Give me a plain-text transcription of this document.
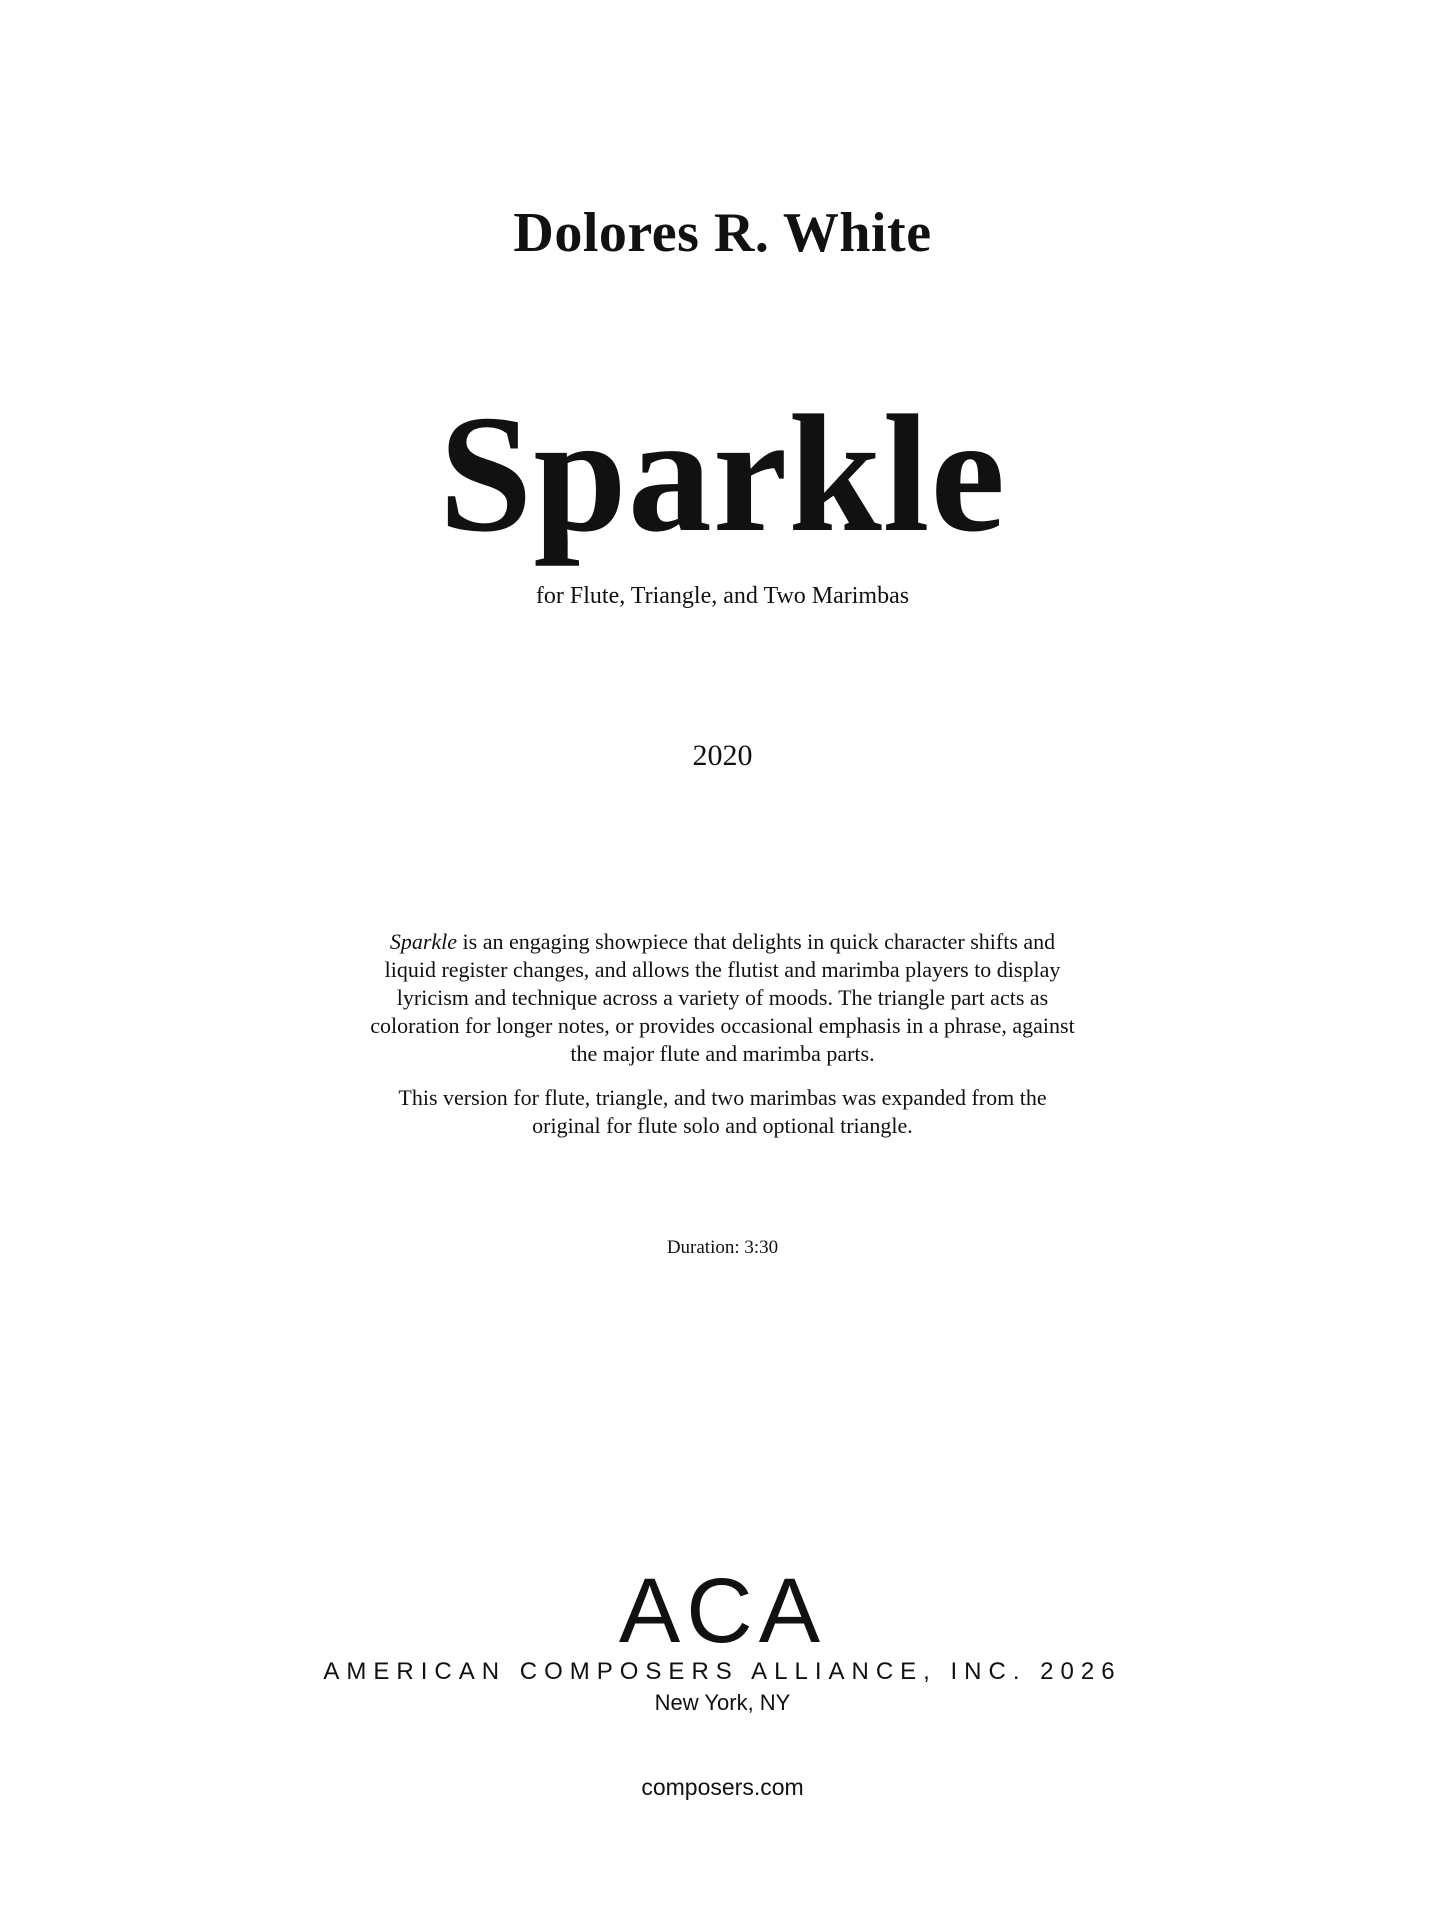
Dolores R. White
Sparkle
for Flute, Triangle, and Two Marimbas
2020

Sparkle is an engaging showpiece that delights in quick character shifts and
liquid register changes, and allows the flutist and marimba players to display
lyricism and technique across a variety of moods. The triangle part acts as
coloration for longer notes, or provides occasional emphasis in a phrase, against
the major flute and marimba parts.

This version for flute, triangle, and two marimbas was expanded from the
original for flute solo and optional triangle.

Duration: 3:30
ACA
AMERICAN COMPOSERS ALLIANCE, INC. 2026
New York, NY
composers.com
